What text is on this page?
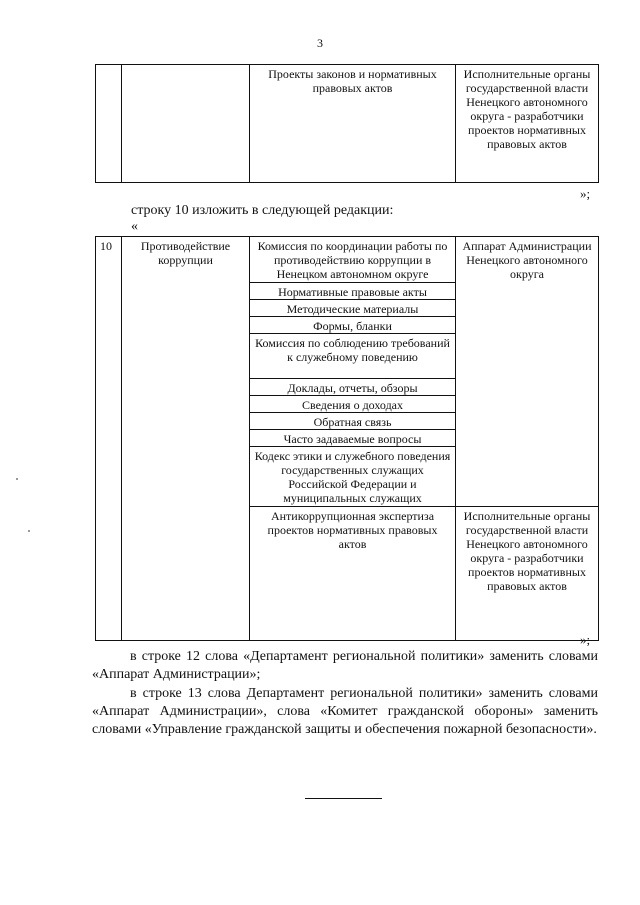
3
		Проекты законов и нормативных правовых актов	Исполнительные органы государственной власти Ненецкого автономного округа - разработчики проектов нормативных правовых актов
»;
строку 10 изложить в следующей редакции:
«
10	Противодействие коррупции	Комиссия по координации работы по противодействию коррупции в Ненецком автономном округе	Аппарат Администрации Ненецкого автономного округа
		Нормативные правовые акты	
		Методические материалы	
		Формы, бланки	
		Комиссия по соблюдению требований к служебному поведению	
		Доклады, отчеты, обзоры	
		Сведения о доходах	
		Обратная связь	
		Часто задаваемые вопросы	
		Кодекс этики и служебного поведения государственных служащих Российской Федерации и муниципальных служащих	
		Антикоррупционная экспертиза проектов нормативных правовых актов	Исполнительные органы государственной власти Ненецкого автономного округа - разработчики проектов нормативных правовых актов
»;
в строке 12 слова «Департамент региональной политики» заменить словами «Аппарат Администрации»;
в строке 13 слова Департамент региональной политики» заменить словами «Аппарат Администрации», слова «Комитет гражданской обороны» заменить словами «Управление гражданской защиты и обеспечения пожарной безопасности».
